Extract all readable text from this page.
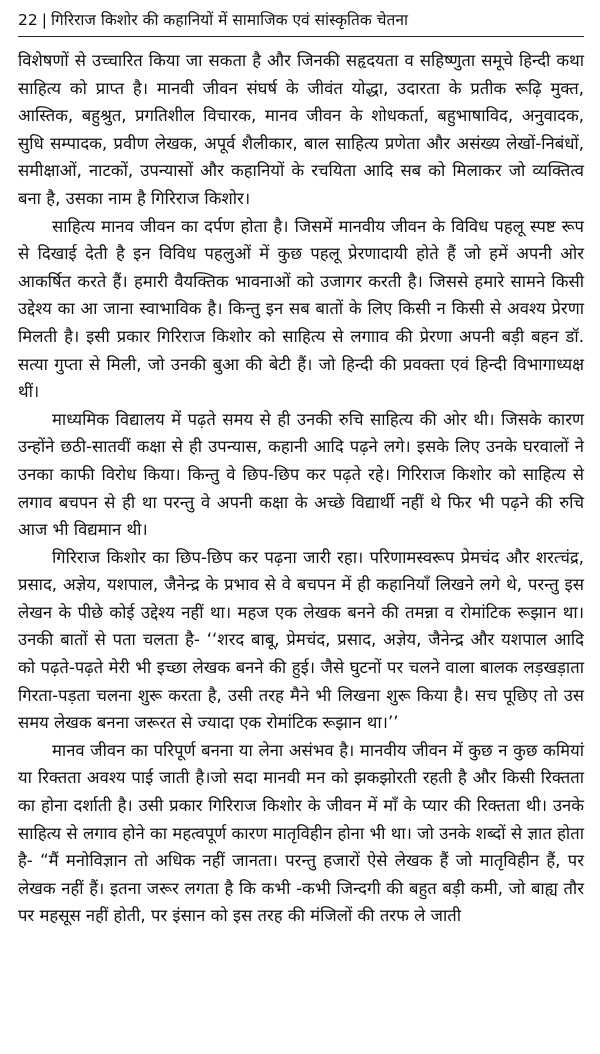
22 | गिरिराज किशोर की कहानियों में सामाजिक एवं सांस्कृतिक चेतना

विशेषणों से उच्चारित किया जा सकता है और जिनकी सहृदयता व सहिष्णुता समूचे हिन्दी कथा साहित्य को प्राप्त है। मानवी जीवन संघर्ष के जीवंत योद्धा, उदारता के प्रतीक रूढ़ि मुक्त, आस्तिक, बहुश्रुत, प्रगतिशील विचारक, मानव जीवन के शोधकर्ता, बहुभाषाविद, अनुवादक, सुधि सम्पादक, प्रवीण लेखक, अपूर्व शैलीकार, बाल साहित्य प्रणेता और असंख्य लेखों-निबंधों, समीक्षाओं, नाटकों, उपन्यासों और कहानियों के रचयिता आदि सब को मिलाकर जो व्यक्तित्व बना है, उसका नाम है गिरिराज किशोर।

साहित्य मानव जीवन का दर्पण होता है। जिसमें मानवीय जीवन के विविध पहलू स्पष्ट रूप से दिखाई देती है इन विविध पहलुओं में कुछ पहलू प्रेरणादायी होते हैं जो हमें अपनी ओर आकर्षित करते हैं। हमारी वैयक्तिक भावनाओं को उजागर करती है। जिससे हमारे सामने किसी उद्देश्य का आ जाना स्वाभाविक है। किन्तु इन सब बातों के लिए किसी न किसी से अवश्य प्रेरणा मिलती है। इसी प्रकार गिरिराज किशोर को साहित्य से लगााव की प्रेरणा अपनी बड़ी बहन डॉ. सत्या गुप्ता से मिली, जो उनकी बुआ की बेटी हैं। जो हिन्दी की प्रवक्ता एवं हिन्दी विभागाध्यक्ष थीं।

माध्यमिक विद्यालय में पढ़ते समय से ही उनकी रुचि साहित्य की ओर थी। जिसके कारण उन्होंने छठी-सातवीं कक्षा से ही उपन्यास, कहानी आदि पढ़ने लगे। इसके लिए उनके घरवालों ने उनका काफी विरोध किया। किन्तु वे छिप-छिप कर पढ़ते रहे। गिरिराज किशोर को साहित्य से लगाव बचपन से ही था परन्तु वे अपनी कक्षा के अच्छे विद्यार्थी नहीं थे फिर भी पढ़ने की रुचि आज भी विद्यमान थी।

गिरिराज किशोर का छिप-छिप कर पढ़ना जारी रहा। परिणामस्वरूप प्रेमचंद और शरत्चंद्र, प्रसाद, अज्ञेय, यशपाल, जैनेन्द्र के प्रभाव से वे बचपन में ही कहानियाँ लिखने लगे थे, परन्तु इस लेखन के पीछे कोई उद्देश्य नहीं था। महज एक लेखक बनने की तमन्ना व रोमांटिक रूझान था। उनकी बातों से पता चलता है- ‘‘शरद बाबू, प्रेमचंद, प्रसाद, अज्ञेय, जैनेन्द्र और यशपाल आदि को पढ़ते-पढ़ते मेरी भी इच्छा लेखक बनने की हुई। जैसे घुटनों पर चलने वाला बालक लड़खड़ाता गिरता-पड़ता चलना शुरू करता है, उसी तरह मैने भी लिखना शुरू किया है। सच पूछिए तो उस समय लेखक बनना जरूरत से ज्यादा एक रोमांटिक रूझान था।’’

मानव जीवन का परिपूर्ण बनना या लेना असंभव है। मानवीय जीवन में कुछ न कुछ कमियां या रिक्तता अवश्य पाई जाती है।जो सदा मानवी मन को झकझोरती रहती है और किसी रिक्तता का होना दर्शाती है। उसी प्रकार गिरिराज किशोर के जीवन में माँ के प्यार की रिक्तता थी। उनके साहित्य से लगाव होने का महत्वपूर्ण कारण मातृविहीन होना भी था। जो उनके शब्दों से ज्ञात होता है- “मैं मनोविज्ञान तो अधिक नहीं जानता। परन्तु हजारों ऐसे लेखक हैं जो मातृविहीन हैं, पर लेखक नहीं हैं। इतना जरूर लगता है कि कभी -कभी जिन्दगी की बहुत बड़ी कमी, जो बाह्य तौर पर महसूस नहीं होती, पर इंसान को इस तरह की मंजिलों की तरफ ले जाती
